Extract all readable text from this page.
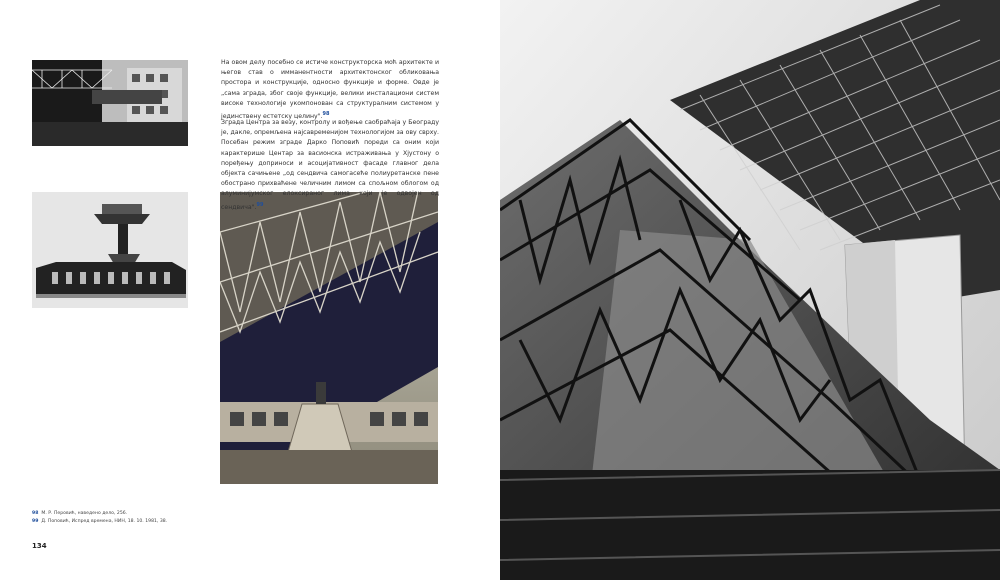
На овом делу посебно се истиче конструкторска моћ архитекте и његов став о имманентности архитектонског обликовања простора и конструкције, односно функције и форме. Овде је „сама зграда, због своје функције, велики инсталациони систем високе технологије укомпонован са структуралним системом у јединствену естетску целину".$^{98}$

Зграда Центра за везу, контролу и вођење саобраћаја у Београду је, дакле, опремљена најсавременијом технологијом за ову сврху. Посебан режим зграде Дарко Поповић пореди са оним који карактерише Центар за васионска истраживања у Хјустону о поређењу доприноси и асоцијативност фасаде главног дела објекта сачињене „од сендвича самогасеће полиуретанске пене обострано прихваћене челичним лимом са спољном облогом од алуминијумског елоксираног лима који је одвојен од сендвича".$^{99}$

98 М. Р. Перовић, наведено дело, 256.
99 Д. Поповић, Испред времена, НИН, 18. 10. 1981, 38.
134
